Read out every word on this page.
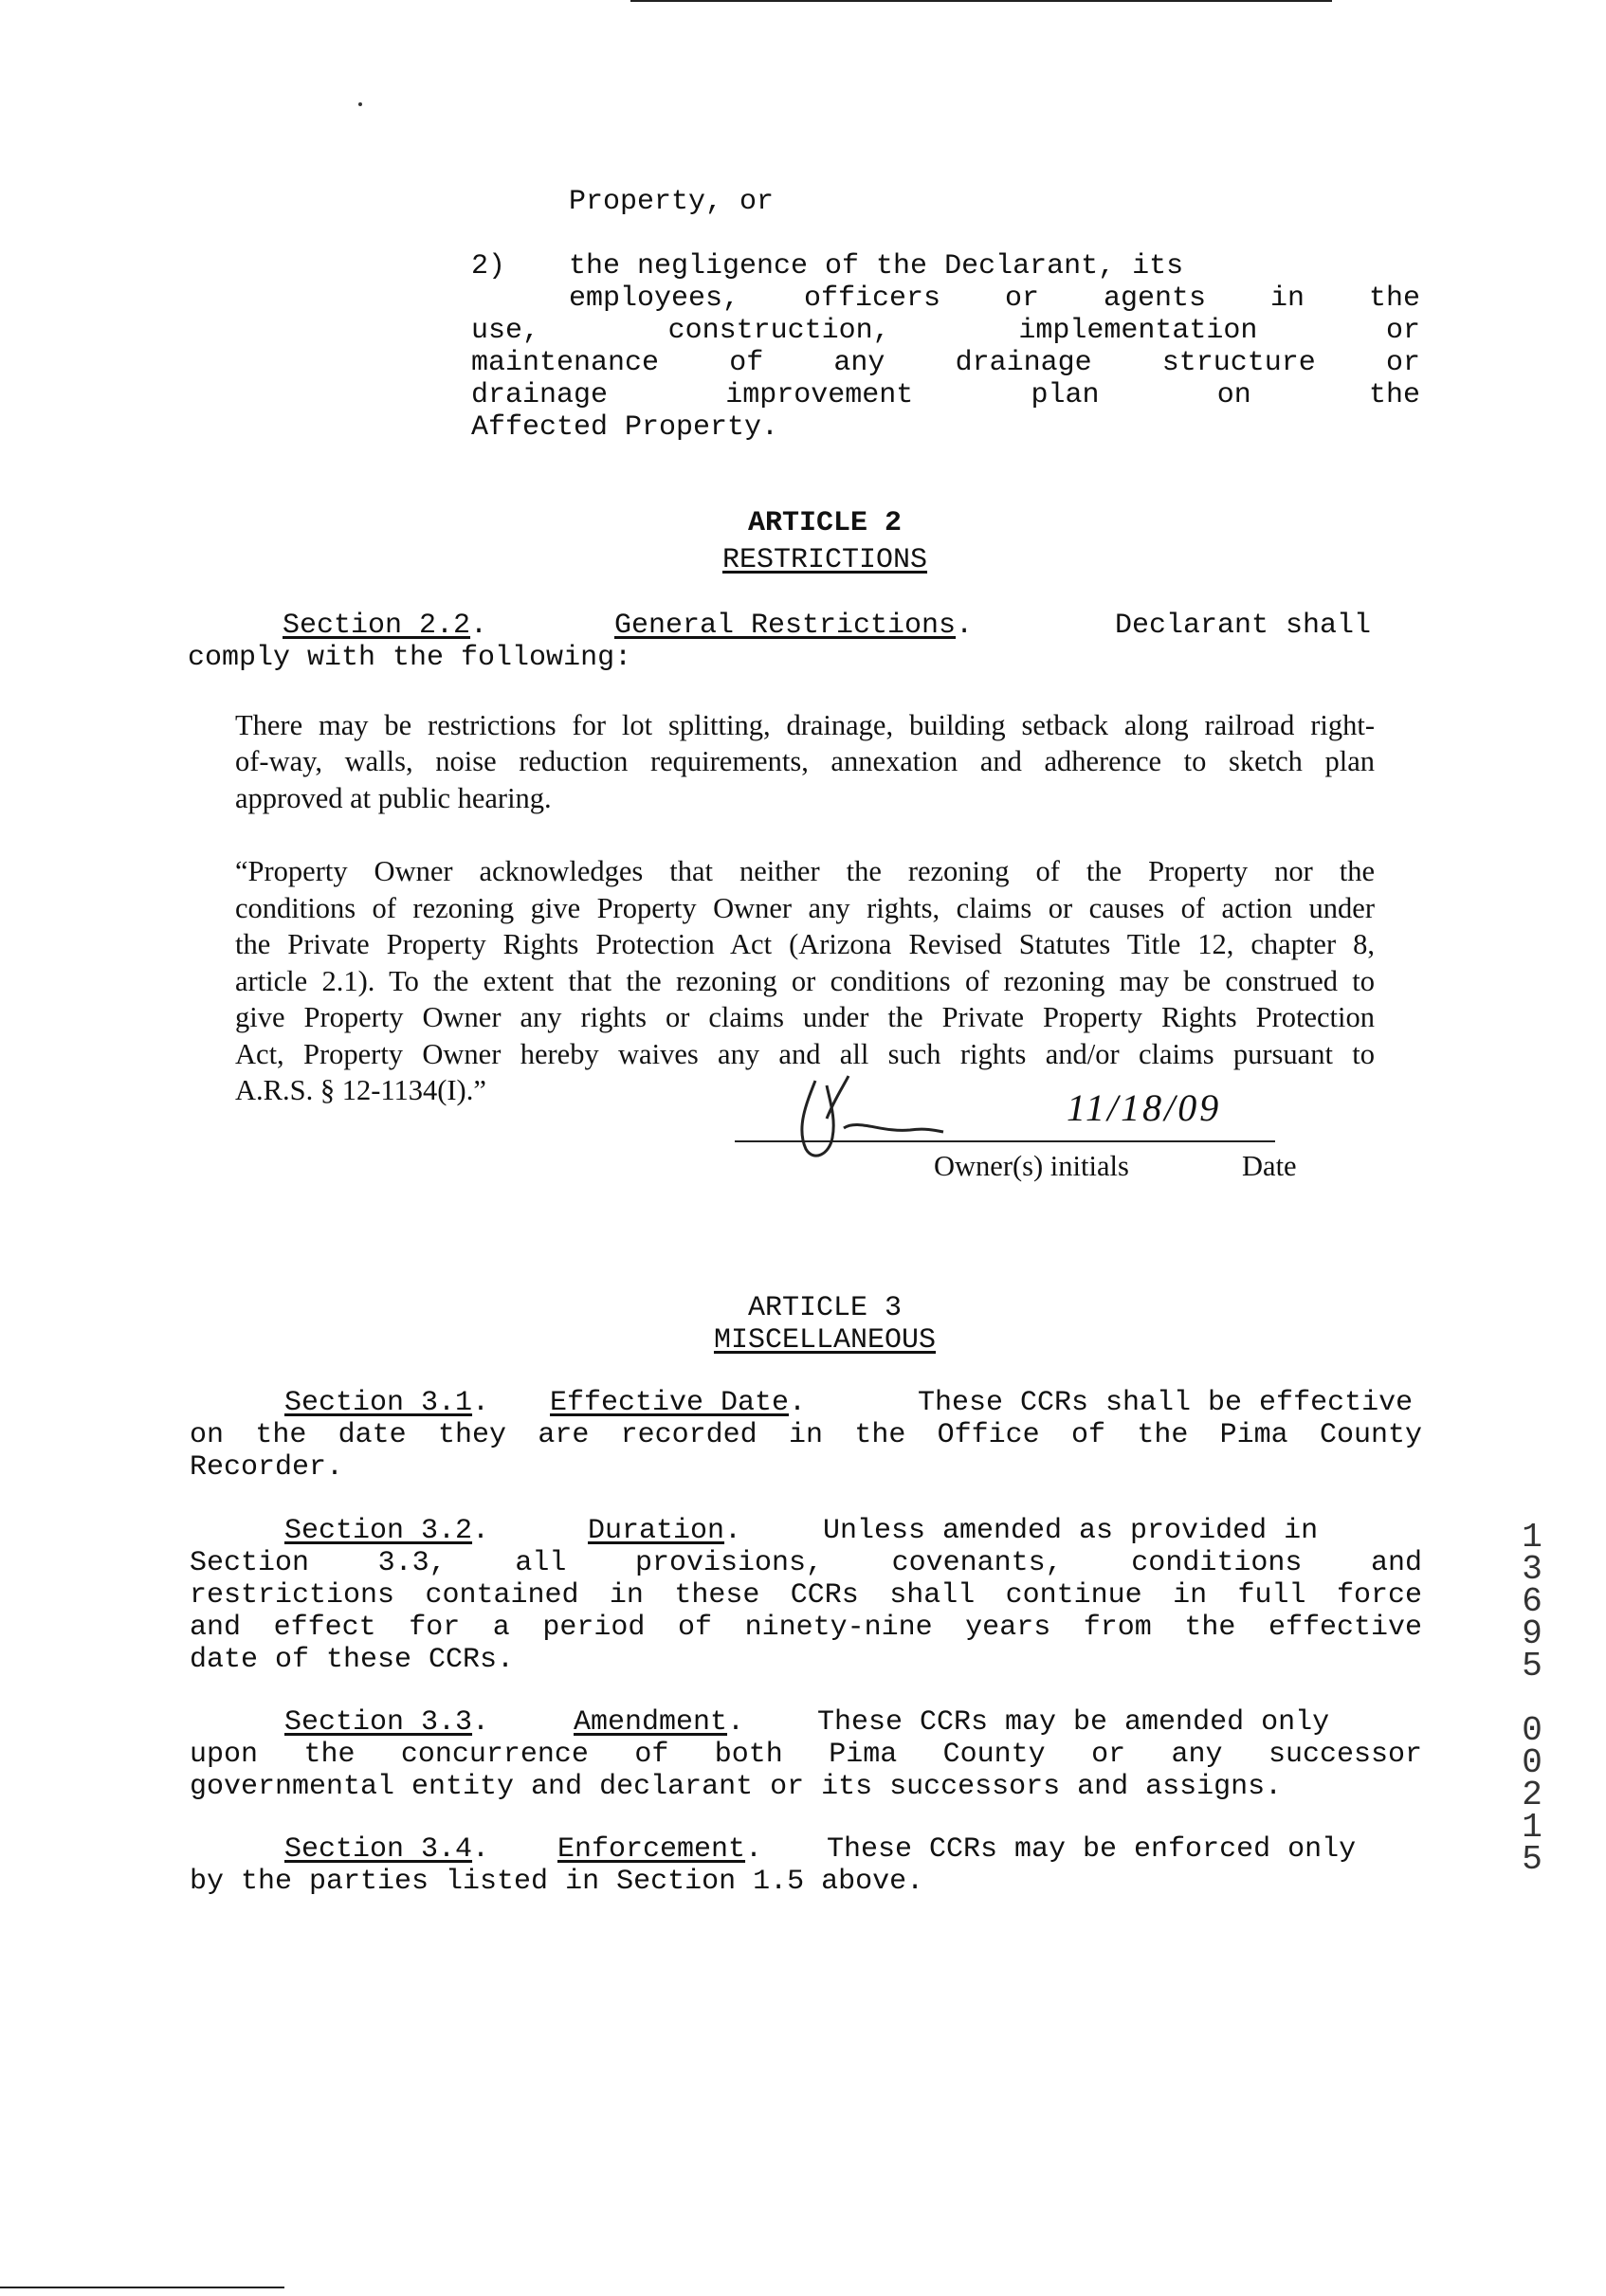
Property, or
2) the negligence of the Declarant, its
employees, officers or agents in the
use, construction, implementation or
maintenance of any drainage structure or
drainage improvement plan on the
Affected Property.
ARTICLE 2
RESTRICTIONS
Section 2.2.	General Restrictions.	Declarant shall
comply with the following:
There may be restrictions for lot splitting, drainage, building setback along railroad right-
of-way, walls, noise reduction requirements, annexation and adherence to sketch plan
approved at public hearing.
“Property Owner acknowledges that neither the rezoning of the Property nor the
conditions of rezoning give Property Owner any rights, claims or causes of action under
the Private Property Rights Protection Act (Arizona Revised Statutes Title 12, chapter 8,
article 2.1). To the extent that the rezoning or conditions of rezoning may be construed to
give Property Owner any rights or claims under the Private Property Rights Protection
Act, Property Owner hereby waives any and all such rights and/or claims pursuant to
A.R.S. § 12-1134(I).”	11/18/09
Owner(s) initials	Date
ARTICLE 3
MISCELLANEOUS
Section 3.1. Effective Date.	These CCRs shall be effective
on the date they are recorded in the Office of the Pima County
Recorder.
Section 3.2.	Duration.	Unless amended as provided in
Section 3.3, all provisions, covenants, conditions and
restrictions contained in these CCRs shall continue in full force
and effect for a period of ninety-nine years from the effective
date of these CCRs.
Section 3.3.	Amendment.	These CCRs may be amended only
upon the concurrence of both Pima County or any successor
governmental entity and declarant or its successors and assigns.
Section 3.4. Enforcement. These CCRs may be enforced only
by the parties listed in Section 1.5 above.
1
3
6
9
5
0
0
2
1
5
